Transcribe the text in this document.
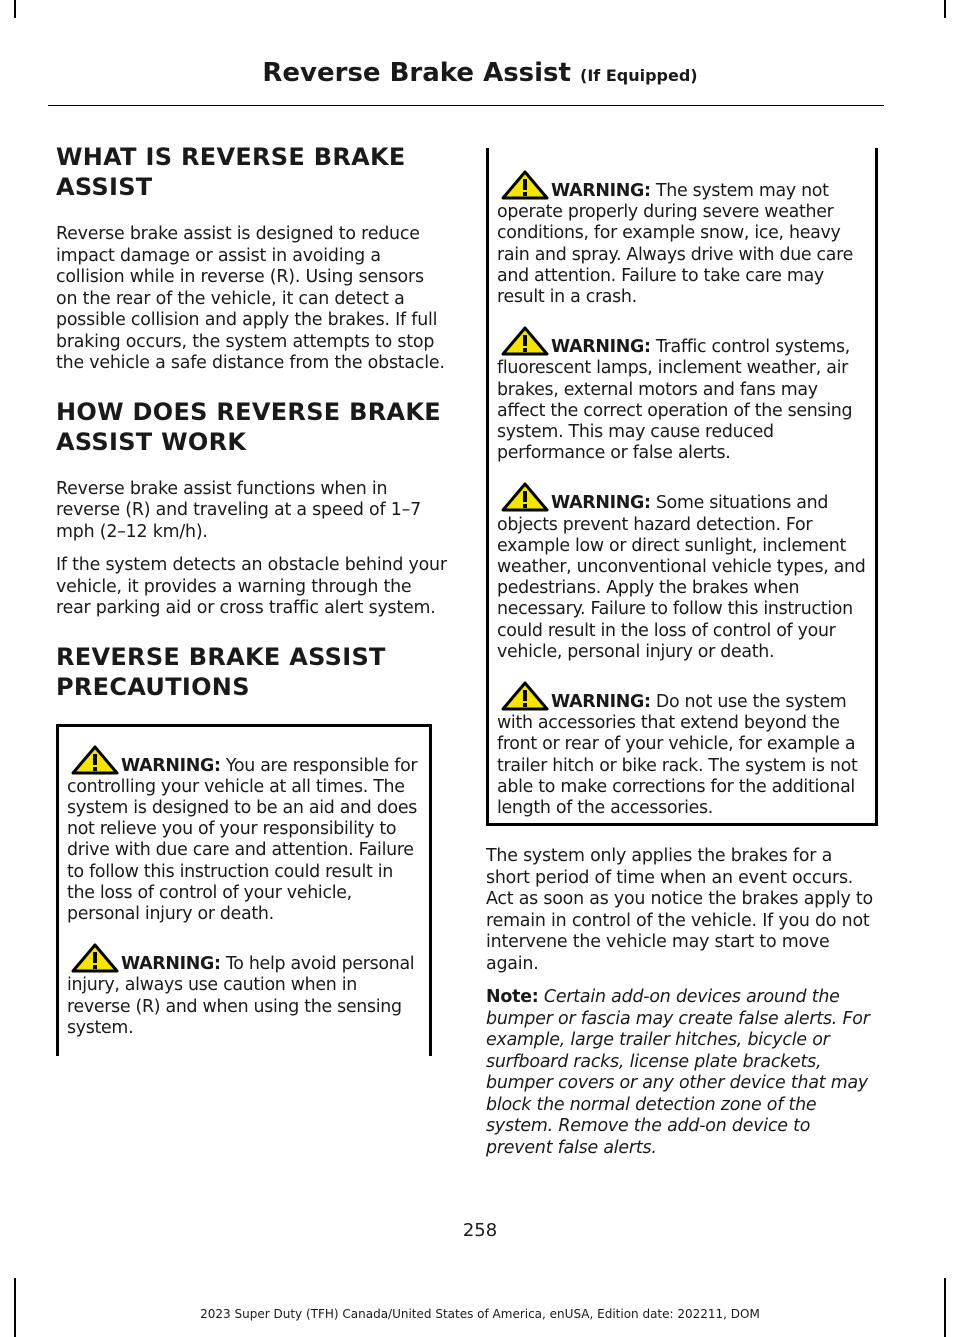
Reverse Brake Assist (If Equipped)
WHAT IS REVERSE BRAKE ASSIST

Reverse brake assist is designed to reduce impact damage or assist in avoiding a collision while in reverse (R). Using sensors on the rear of the vehicle, it can detect a possible collision and apply the brakes. If full braking occurs, the system attempts to stop the vehicle a safe distance from the obstacle.

HOW DOES REVERSE BRAKE ASSIST WORK

Reverse brake assist functions when in reverse (R) and traveling at a speed of 1–7 mph (2–12 km/h).

If the system detects an obstacle behind your vehicle, it provides a warning through the rear parking aid or cross traffic alert system.

REVERSE BRAKE ASSIST PRECAUTIONS
WARNING: You are responsible for controlling your vehicle at all times. The system is designed to be an aid and does not relieve you of your responsibility to drive with due care and attention. Failure to follow this instruction could result in the loss of control of your vehicle, personal injury or death.
WARNING: To help avoid personal injury, always use caution when in reverse (R) and when using the sensing system.
WARNING: The system may not operate properly during severe weather conditions, for example snow, ice, heavy rain and spray. Always drive with due care and attention. Failure to take care may result in a crash.
WARNING: Traffic control systems, fluorescent lamps, inclement weather, air brakes, external motors and fans may affect the correct operation of the sensing system. This may cause reduced performance or false alerts.
WARNING: Some situations and objects prevent hazard detection. For example low or direct sunlight, inclement weather, unconventional vehicle types, and pedestrians. Apply the brakes when necessary. Failure to follow this instruction could result in the loss of control of your vehicle, personal injury or death.
WARNING: Do not use the system with accessories that extend beyond the front or rear of your vehicle, for example a trailer hitch or bike rack. The system is not able to make corrections for the additional length of the accessories.

The system only applies the brakes for a short period of time when an event occurs. Act as soon as you notice the brakes apply to remain in control of the vehicle. If you do not intervene the vehicle may start to move again.

Note: Certain add-on devices around the bumper or fascia may create false alerts. For example, large trailer hitches, bicycle or surfboard racks, license plate brackets, bumper covers or any other device that may block the normal detection zone of the system. Remove the add-on device to prevent false alerts.

258
2023 Super Duty (TFH) Canada/United States of America, enUSA, Edition date: 202211, DOM
